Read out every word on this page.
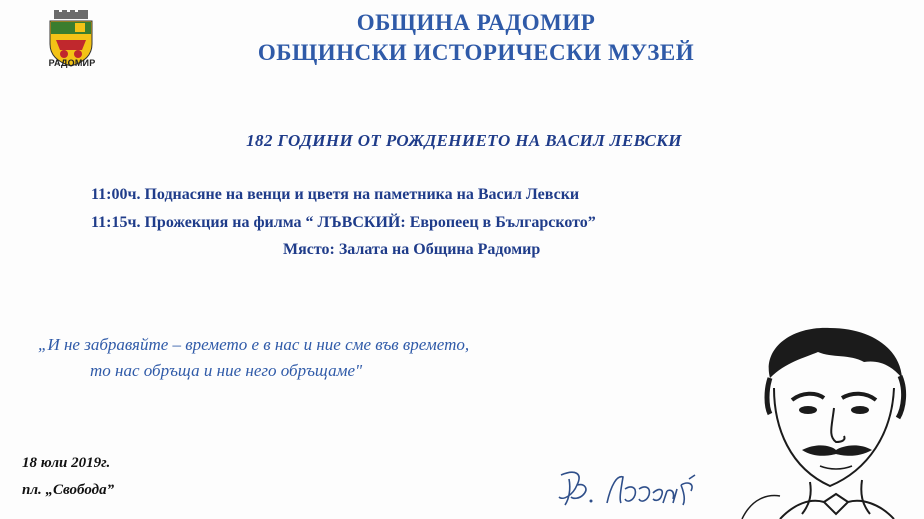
РАДОМИР
ОБЩИНА РАДОМИР
ОБЩИНСКИ ИСТОРИЧЕСКИ МУЗЕЙ
182 ГОДИНИ ОТ РОЖДЕНИЕТО НА ВАСИЛ ЛЕВСКИ
11:00ч. Поднасяне на венци и цветя на паметника на Васил Левски
11:15ч. Прожекция на филма “ ЛЪВСКИЙ: Европеец в Българското”
Място: Залата на Община Радомир
„И не забравяйте – времето е в нас и ние сме във времето,
то нас обръща и ние него обръщаме"
18 юли 2019г.
пл. „Свобода”
